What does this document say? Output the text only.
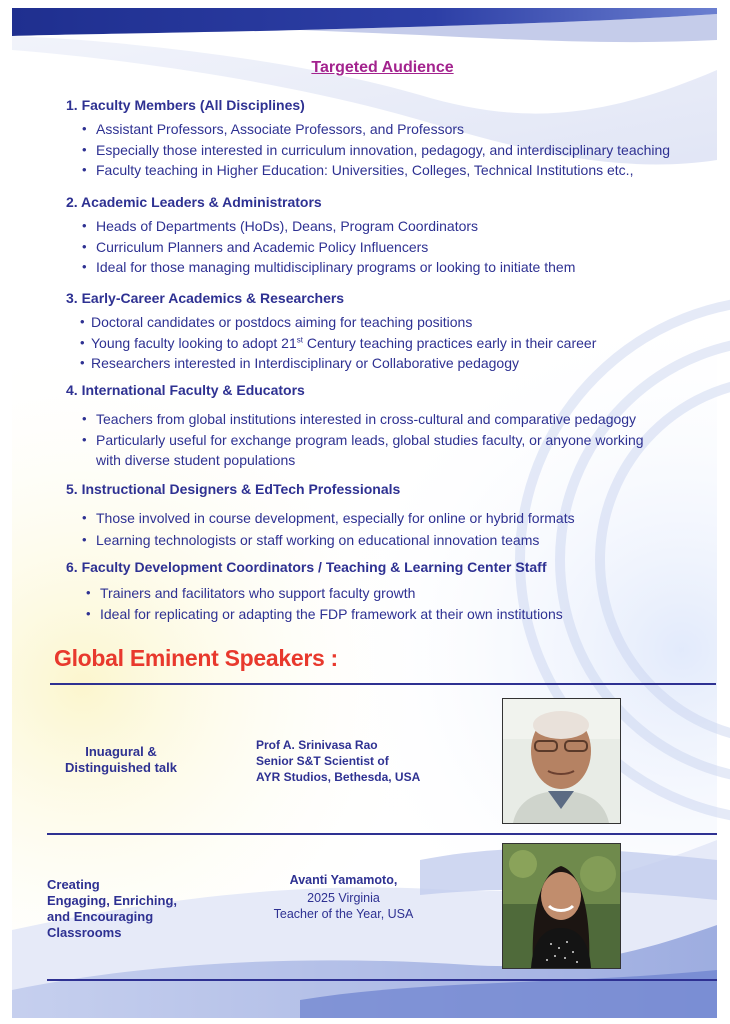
Targeted Audience
1. Faculty Members (All Disciplines)
• Assistant Professors, Associate Professors, and Professors
• Especially those interested in curriculum innovation, pedagogy, and interdisciplinary teaching
• Faculty teaching in Higher Education: Universities, Colleges, Technical Institutions etc.,
2. Academic Leaders & Administrators
• Heads of Departments (HoDs), Deans, Program Coordinators
• Curriculum Planners and Academic Policy Influencers
• Ideal for those managing multidisciplinary programs or looking to initiate them
3. Early-Career Academics & Researchers
• Doctoral candidates or postdocs aiming for teaching positions
• Young faculty looking to adopt 21st Century teaching practices early in their career
• Researchers interested in Interdisciplinary or Collaborative pedagogy
4. International Faculty & Educators
• Teachers from global institutions interested in cross-cultural and comparative pedagogy
• Particularly useful for exchange program leads, global studies faculty, or anyone working with diverse student populations
5. Instructional Designers & EdTech Professionals
• Those involved in course development, especially for online or hybrid formats
• Learning technologists or staff working on educational innovation teams
6. Faculty Development Coordinators / Teaching & Learning Center Staff
• Trainers and facilitators who support faculty growth
• Ideal for replicating or adapting the FDP framework at their own institutions
Global Eminent Speakers :
Inuagural &
Distinguished talk
Prof A. Srinivasa Rao
Senior S&T Scientist of
AYR Studios, Bethesda, USA
Creating
Engaging, Enriching,
and Encouraging
Classrooms
Avanti Yamamoto,
2025 Virginia
Teacher of the Year, USA
